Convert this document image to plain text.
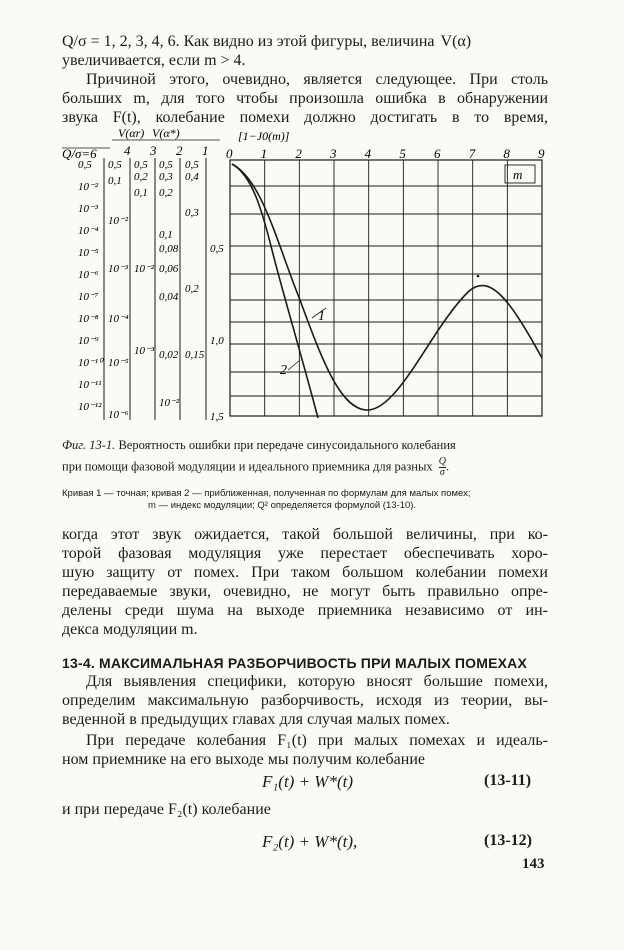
Q/σ = 1, 2, 3, 4, 6. Как видно из этой фигуры, величина V(α)
увеличивается, если m > 4.
Причиной этого, очевидно, является следующее. При столь
больших m, для того чтобы произошла ошибка в обнаружении
звука F(t), колебание помехи должно достигать в то время,
Q/σ=6
V(αr) V(α*)
4 3 2 1
[1−J0(m)]
m
1
2
0 1 2 3 4 5 6 7 8 9
0,5
10⁻²
10⁻³
10⁻⁴
10⁻⁵
10⁻⁶
10⁻⁷
10⁻⁸
10⁻⁹
10⁻¹⁰
10⁻¹¹
10⁻¹²
0,5
0,1
10⁻²
10⁻³
10⁻⁴
10⁻⁵
10⁻⁶
0,5
0,2
0,1
10⁻²
10⁻³
0,5
0,3
0,2
0,1
0,08
0,06
0,04
0,02
10⁻²
0,5
0,4
0,3
0,2
0,15
0,5
1,0
1,5
Фиг. 13-1. Вероятность ошибки при передаче синусоидального колебания
при помощи фазовой модуляции и идеального приемника для разных $\frac{Q}{\sigma}$ .
Кривая 1 — точная; кривая 2 — приближенная, полученная по формулам для малых помех;
m — индекс модуляции; Q² определяется формулой (13-10).
когда этот звук ожидается, такой большой величины, при ко-
торой фазовая модуляция уже перестает обеспечивать хоро-
шую защиту от помех. При таком большом колебании помехи
передаваемые звуки, очевидно, не могут быть правильно опре-
делены среди шума на выходе приемника независимо от ин-
декса модуляции m.
13-4. МАКСИМАЛЬНАЯ РАЗБОРЧИВОСТЬ ПРИ МАЛЫХ ПОМЕХАХ
Для выявления специфики, которую вносят большие помехи,
определим максимальную разборчивость, исходя из теории, вы-
веденной в предыдущих главах для случая малых помех.
При передаче колебания F₁(t) при малых помехах и идеаль-
ном приемнике на его выходе мы получим колебание
F₁(t) + W*(t)	(13-11)
и при передаче F₂(t) колебание
F₂(t) + W*(t),	(13-12)
143
